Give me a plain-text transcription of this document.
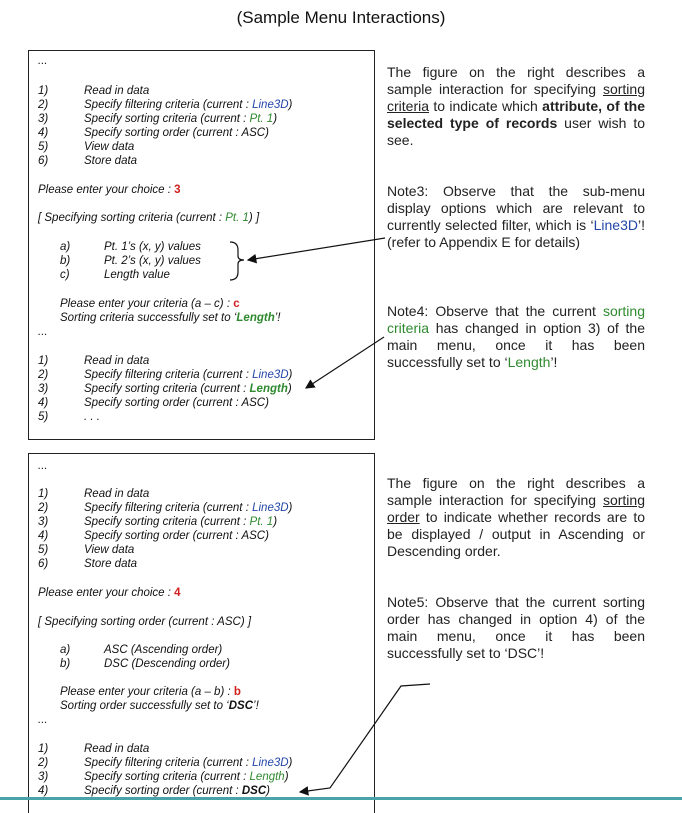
(Sample Menu Interactions)
...
1)	Read in data
2)	Specify filtering criteria (current : Line3D)
3)	Specify sorting criteria (current : Pt. 1)
4)	Specify sorting order (current : ASC)
5)	View data
6)	Store data
Please enter your choice : 3
[ Specifying sorting criteria (current : Pt. 1) ]
a)	Pt. 1’s (x, y) values
b)	Pt. 2’s (x, y) values
c)	Length value
Please enter your criteria (a – c) : c
Sorting criteria successfully set to ‘Length’!
...
1)	Read in data
2)	Specify filtering criteria (current : Line3D)
3)	Specify sorting criteria (current : Length)
4)	Specify sorting order (current : ASC)
5)	. . .
...
1)	Read in data
2)	Specify filtering criteria (current : Line3D)
3)	Specify sorting criteria (current : Pt. 1)
4)	Specify sorting order (current : ASC)
5)	View data
6)	Store data
Please enter your choice : 4
[ Specifying sorting order (current : ASC) ]
a)	ASC (Ascending order)
b)	DSC (Descending order)
Please enter your criteria (a – b) : b
Sorting order successfully set to ‘DSC’!
...
1)	Read in data
2)	Specify filtering criteria (current : Line3D)
3)	Specify sorting criteria (current : Length)
4)	Specify sorting order (current : DSC)
The figure on the right describes a sample interaction for specifying sorting criteria to indicate which attribute, of the selected type of records user wish to see.
Note3: Observe that the sub-menu display options which are relevant to currently selected filter, which is ‘Line3D’! (refer to Appendix E for details)
Note4: Observe that the current sorting criteria has changed in option 3) of the main menu, once it has been successfully set to ‘Length’!
The figure on the right describes a sample interaction for specifying sorting order to indicate whether records are to be displayed / output in Ascending or Descending order.
Note5: Observe that the current sorting order has changed in option 4) of the main menu, once it has been successfully set to ‘DSC’!
